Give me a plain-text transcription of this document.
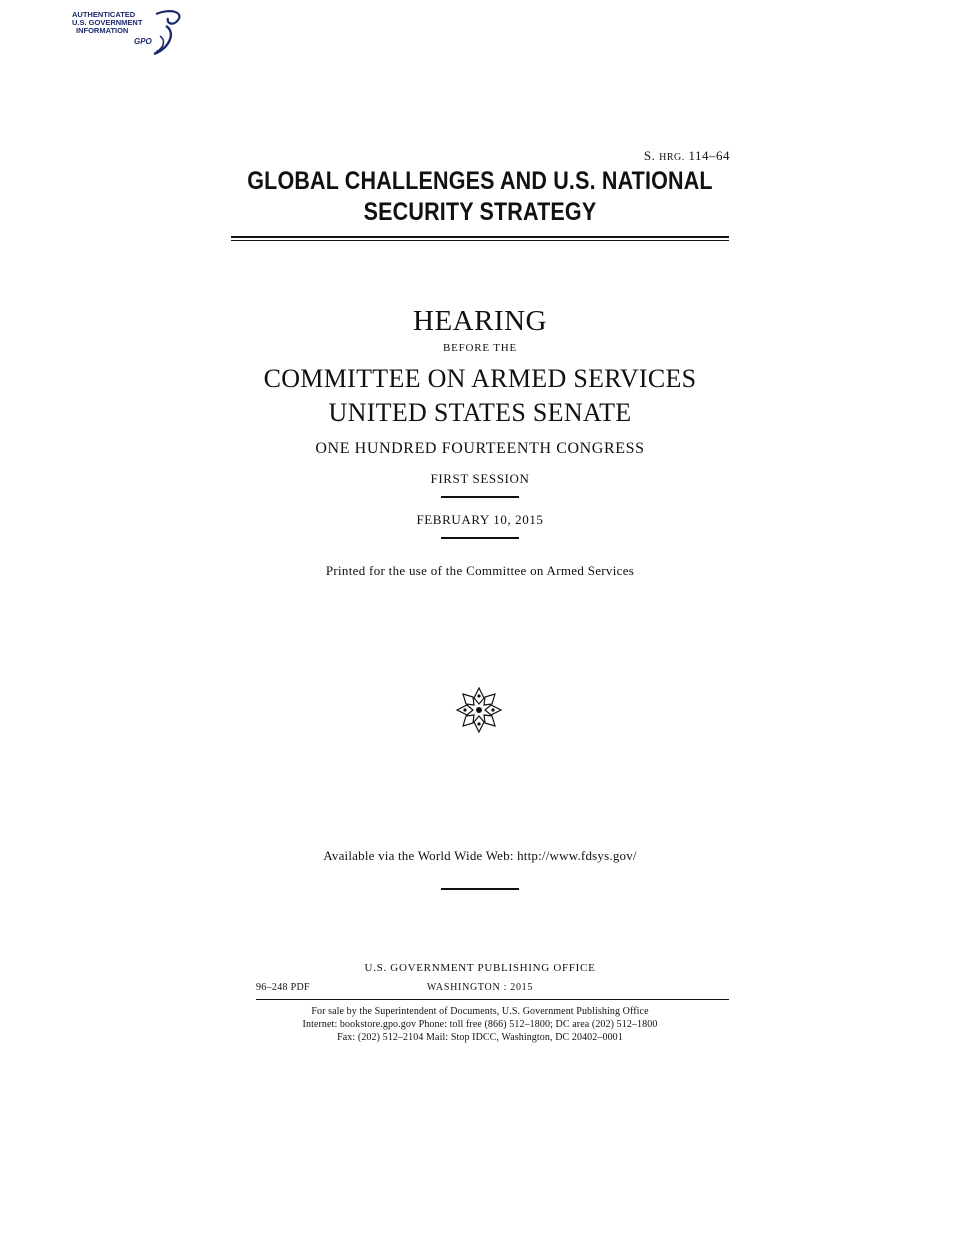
AUTHENTICATED
U.S. GOVERNMENT
INFORMATION
GPO
S. HRG. 114–64
GLOBAL CHALLENGES AND U.S. NATIONAL
SECURITY STRATEGY
HEARING
BEFORE THE
COMMITTEE ON ARMED SERVICES
UNITED STATES SENATE
ONE HUNDRED FOURTEENTH CONGRESS
FIRST SESSION
FEBRUARY 10, 2015
Printed for the use of the Committee on Armed Services
Available via the World Wide Web: http://www.fdsys.gov/
U.S. GOVERNMENT PUBLISHING OFFICE
96–248 PDF	WASHINGTON : 2015
For sale by the Superintendent of Documents, U.S. Government Publishing Office
Internet: bookstore.gpo.gov Phone: toll free (866) 512–1800; DC area (202) 512–1800
Fax: (202) 512–2104 Mail: Stop IDCC, Washington, DC 20402–0001
